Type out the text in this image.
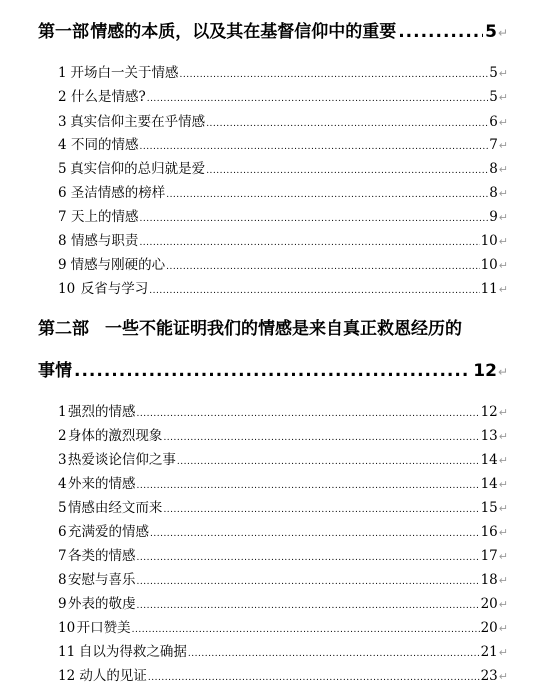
第一部 情感的本质，以及其在基督信仰中的重要 .....	5 ↵
1 开场白一关于情感 .....	5 ↵
2 什么是情感? .....	5 ↵
3 真实信仰主要在乎情感 .....	6 ↵
4 不同的情感 .....	7 ↵
5 真实信仰的总归就是爱 .....	8 ↵
6 圣洁情感的榜样 .....	8 ↵
7 天上的情感 .....	9 ↵
8 情感与职责 .....	10 ↵
9 情感与刚硬的心 .....	10 ↵
10 反省与学习 .....	11 ↵
第二部 一些不能证明我们的情感是来自真正救恩经历的
事情 .....	12 ↵
1 强烈的情感 .....	12 ↵
2 身体的激烈现象 .....	13 ↵
3 热爱谈论信仰之事 .....	14 ↵
4 外来的情感 .....	14 ↵
5 情感由经文而来 .....	15 ↵
6 充满爱的情感 .....	16 ↵
7 各类的情感 .....	17 ↵
8 安慰与喜乐 .....	18 ↵
9 外表的敬虔 .....	20 ↵
10 开口赞美 .....	20 ↵
11 自以为得救之确据 .....	21 ↵
12 动人的见证 .....	23 ↵
